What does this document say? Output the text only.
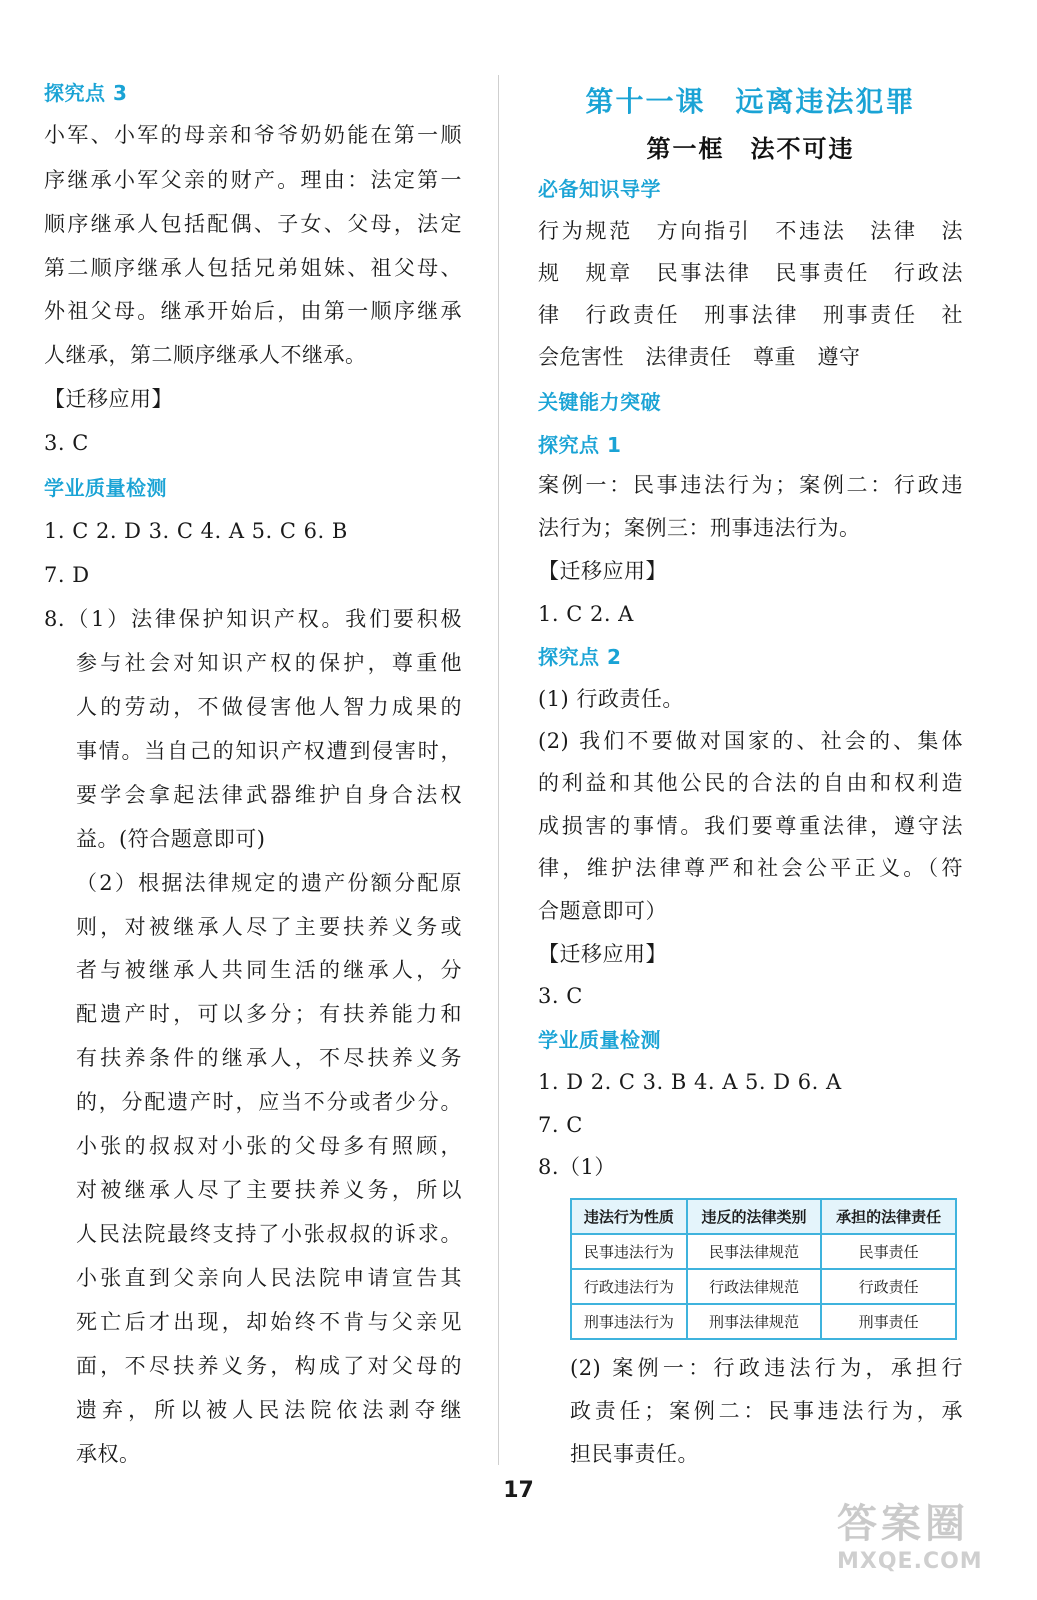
探究点 3
小军、小军的母亲和爷爷奶奶能在第一顺
序继承小军父亲的财产。理由：法定第一
顺序继承人包括配偶、子女、父母，法定
第二顺序继承人包括兄弟姐妹、祖父母、
外祖父母。继承开始后，由第一顺序继承
人继承，第二顺序继承人不继承。
【迁移应用】
3. C
学业质量检测
1. C 2. D 3. C 4. A 5. C 6. B
7. D
8.（1）法律保护知识产权。我们要积极
参与社会对知识产权的保护，尊重他
人的劳动，不做侵害他人智力成果的
事情。当自己的知识产权遭到侵害时，
要学会拿起法律武器维护自身合法权
益。(符合题意即可)
（2）根据法律规定的遗产份额分配原
则，对被继承人尽了主要扶养义务或
者与被继承人共同生活的继承人，分
配遗产时，可以多分；有扶养能力和
有扶养条件的继承人，不尽扶养义务
的，分配遗产时，应当不分或者少分。
小张的叔叔对小张的父母多有照顾，
对被继承人尽了主要扶养义务，所以
人民法院最终支持了小张叔叔的诉求。
小张直到父亲向人民法院申请宣告其
死亡后才出现，却始终不肯与父亲见
面，不尽扶养义务，构成了对父母的
遗弃，所以被人民法院依法剥夺继
承权。
第十一课　远离违法犯罪
第一框　法不可违
必备知识导学
行为规范　方向指引　不违法　法律　法
规　规章　民事法律　民事责任　行政法
律　行政责任　刑事法律　刑事责任　社
会危害性　法律责任　尊重　遵守
关键能力突破
探究点 1
案例一：民事违法行为；案例二：行政违
法行为；案例三：刑事违法行为。
【迁移应用】
1. C 2. A
探究点 2
(1) 行政责任。
(2) 我们不要做对国家的、社会的、集体
的利益和其他公民的合法的自由和权利造
成损害的事情。我们要尊重法律，遵守法
律，维护法律尊严和社会公平正义。（符
合题意即可）
【迁移应用】
3. C
学业质量检测
1. D 2. C 3. B 4. A 5. D 6. A
7. C
8.（1）
(2) 案例一：行政违法行为，承担行
政责任；案例二：民事违法行为，承
担民事责任。
违法行为性质	违反的法律类别	承担的法律责任
民事违法行为	民事法律规范	民事责任
行政违法行为	行政法律规范	行政责任
刑事违法行为	刑事法律规范	刑事责任
17
答案圈
MXQE.COM
